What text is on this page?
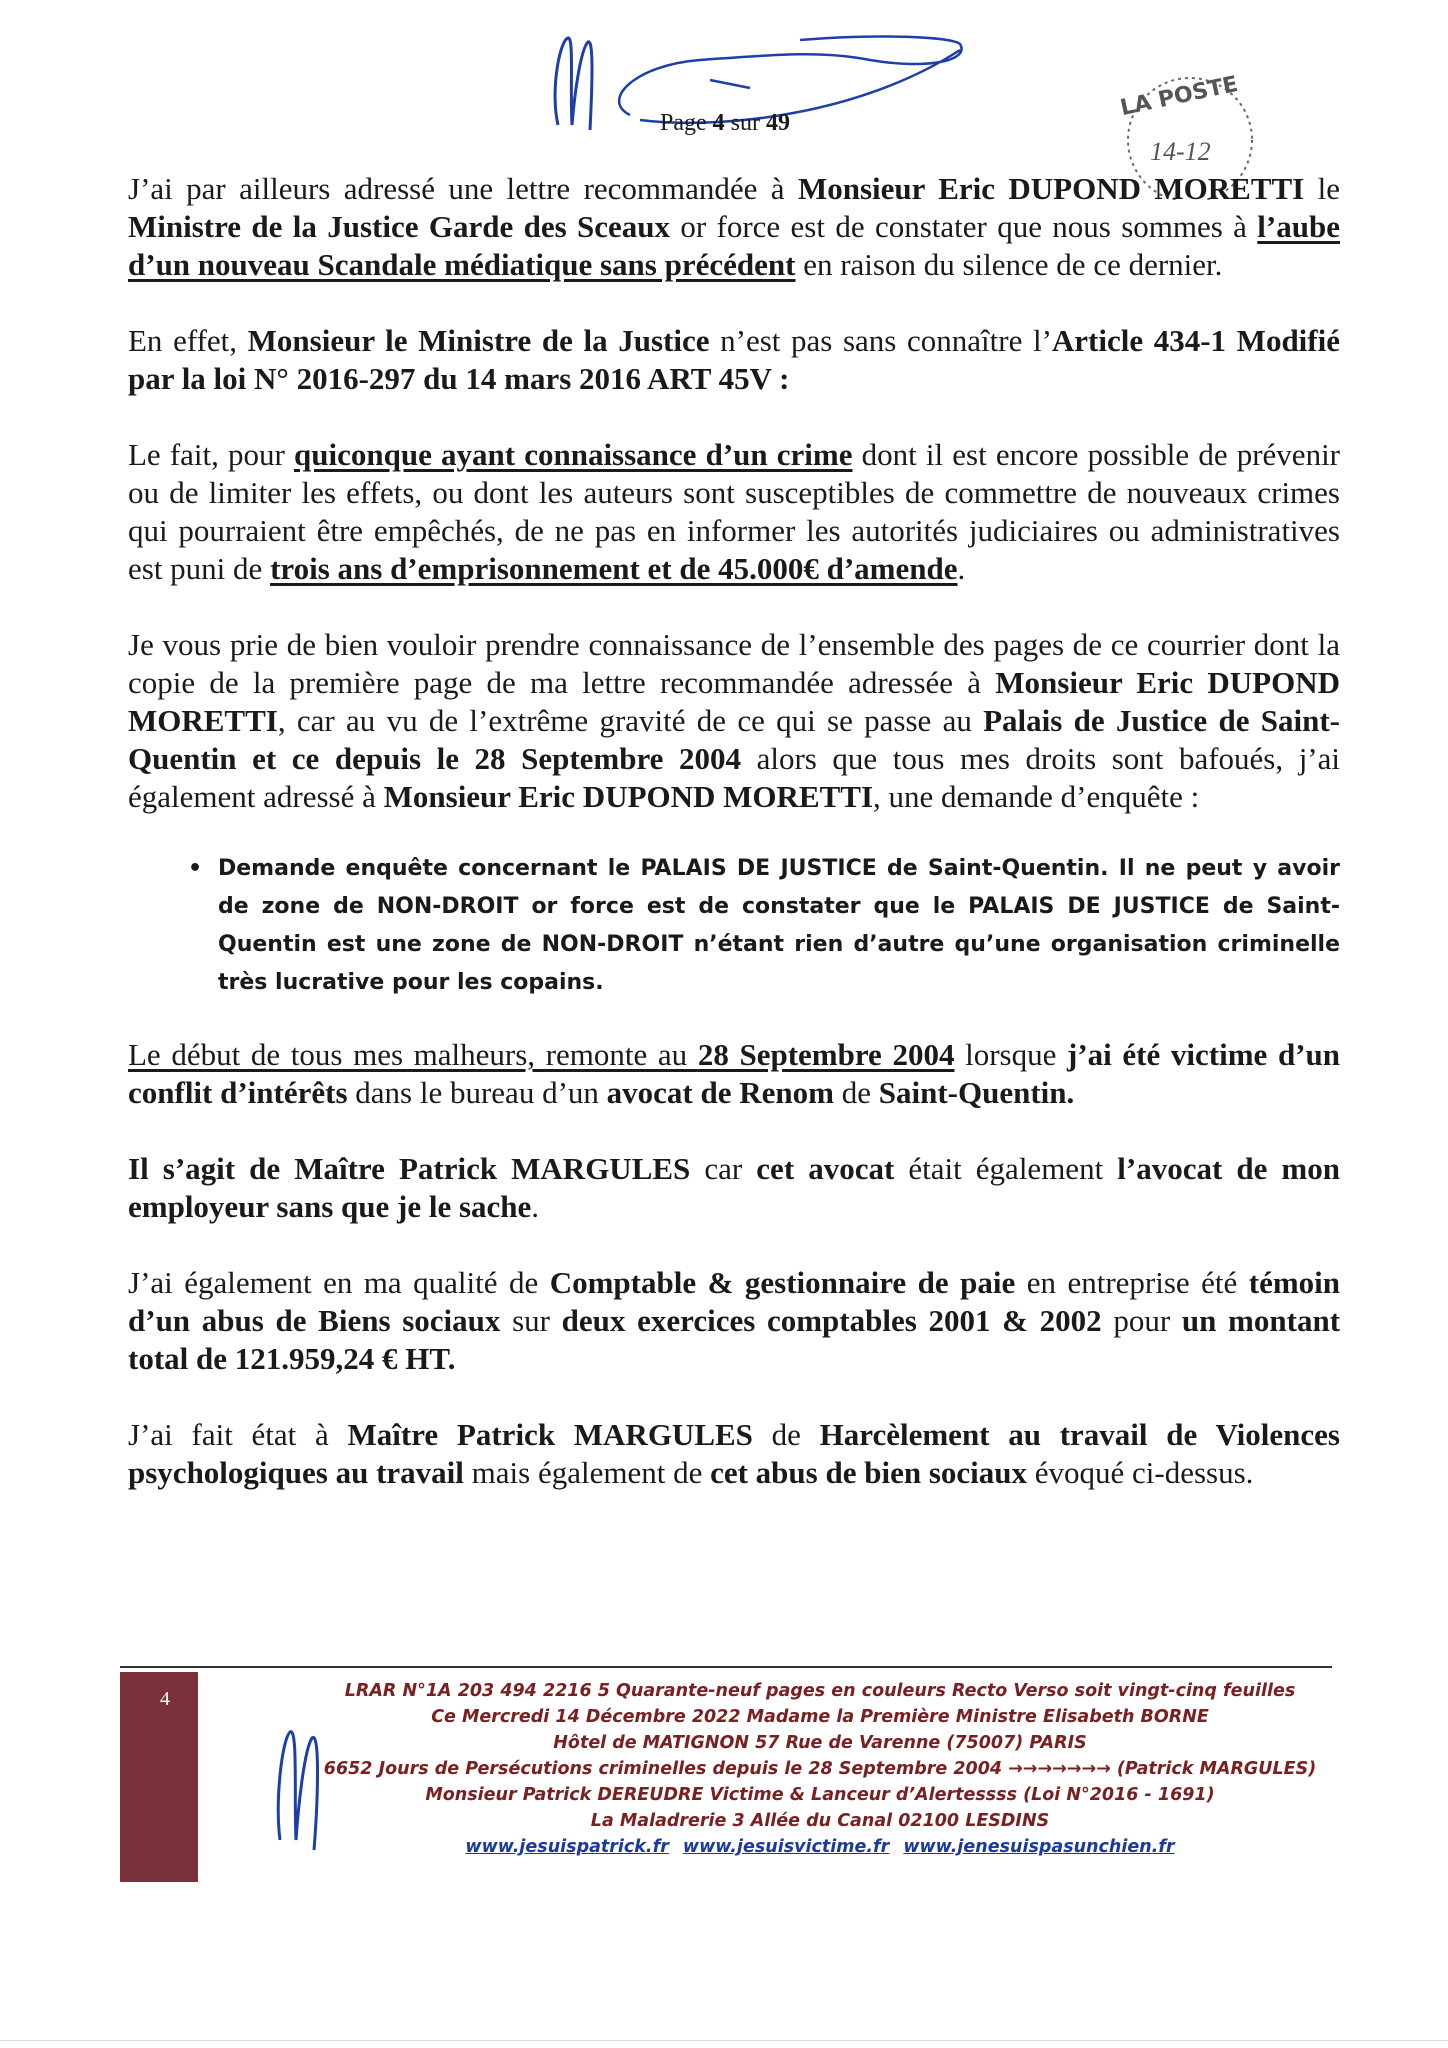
Page 4 sur 49
LA POSTE
14-12

J’ai par ailleurs adressé une lettre recommandée à Monsieur Eric DUPOND MORETTI le Ministre de la Justice Garde des Sceaux or force est de constater que nous sommes à l’aube d’un nouveau Scandale médiatique sans précédent en raison du silence de ce dernier.

En effet, Monsieur le Ministre de la Justice n’est pas sans connaître l’Article 434-1 Modifié par la loi N° 2016-297 du 14 mars 2016 ART 45V :

Le fait, pour quiconque ayant connaissance d’un crime dont il est encore possible de prévenir ou de limiter les effets, ou dont les auteurs sont susceptibles de commettre de nouveaux crimes qui pourraient être empêchés, de ne pas en informer les autorités judiciaires ou administratives est puni de trois ans d’emprisonnement et de 45.000€ d’amende.

Je vous prie de bien vouloir prendre connaissance de l’ensemble des pages de ce courrier dont la copie de la première page de ma lettre recommandée adressée à Monsieur Eric DUPOND MORETTI, car au vu de l’extrême gravité de ce qui se passe au Palais de Justice de Saint-Quentin et ce depuis le 28 Septembre 2004 alors que tous mes droits sont bafoués, j’ai également adressé à Monsieur Eric DUPOND MORETTI, une demande d’enquête :

• Demande enquête concernant le PALAIS DE JUSTICE de Saint-Quentin. Il ne peut y avoir de zone de NON-DROIT or force est de constater que le PALAIS DE JUSTICE de Saint-Quentin est une zone de NON-DROIT n’étant rien d’autre qu’une organisation criminelle très lucrative pour les copains.

Le début de tous mes malheurs, remonte au 28 Septembre 2004 lorsque j’ai été victime d’un conflit d’intérêts dans le bureau d’un avocat de Renom de Saint-Quentin.

Il s’agit de Maître Patrick MARGULES car cet avocat était également l’avocat de mon employeur sans que je le sache.

J’ai également en ma qualité de Comptable & gestionnaire de paie en entreprise été témoin d’un abus de Biens sociaux sur deux exercices comptables 2001 & 2002 pour un montant total de 121.959,24 € HT.

J’ai fait état à Maître Patrick MARGULES de Harcèlement au travail de Violences psychologiques au travail mais également de cet abus de bien sociaux évoqué ci-dessus.

4	LRAR N°1A 203 494 2216 5 Quarante-neuf pages en couleurs Recto Verso soit vingt-cinq feuilles
Ce Mercredi 14 Décembre 2022 Madame la Première Ministre Elisabeth BORNE
Hôtel de MATIGNON 57 Rue de Varenne (75007) PARIS
6652 Jours de Persécutions criminelles depuis le 28 Septembre 2004 →→→→→→→ (Patrick MARGULES)
Monsieur Patrick DEREUDRE Victime & Lanceur d’Alertessss (Loi N°2016 - 1691)
La Maladrerie 3 Allée du Canal 02100 LESDINS
www.jesuispatrick.fr www.jesuisvictime.fr www.jenesuispasunchien.fr
